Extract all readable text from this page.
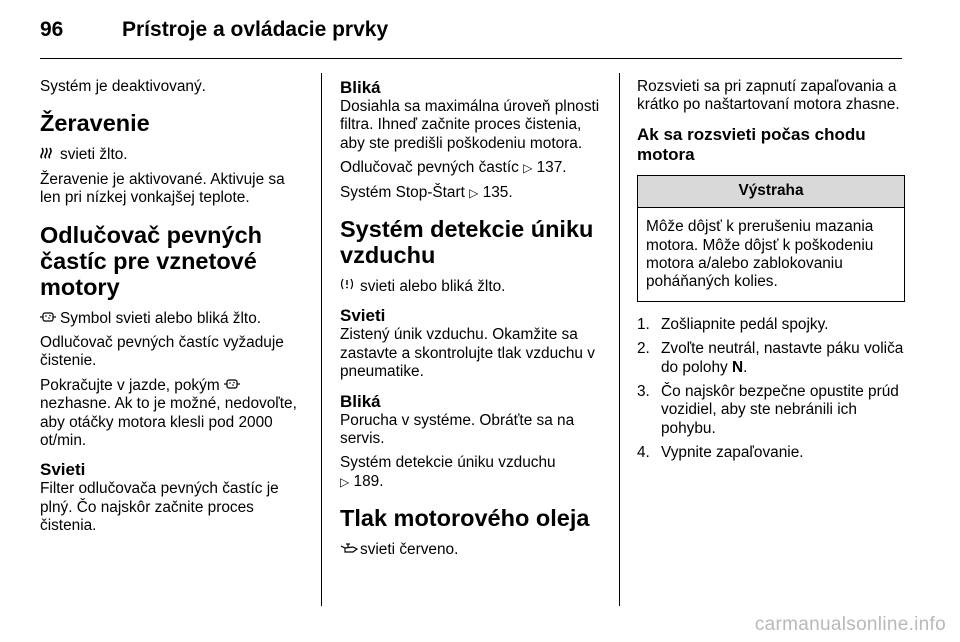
96	Prístroje a ovládacie prvky

Systém je deaktivovaný.

Žeravenie

svieti žlto.

Žeravenie je aktivované. Aktivuje sa len pri nízkej vonkajšej teplote.

Odlučovač pevných častíc pre vznetové motory

Symbol svieti alebo bliká žlto.

Odlučovač pevných častíc vyžaduje čistenie.

Pokračujte v jazde, pokým  nezhasne. Ak to je možné, nedovoľte, aby otáčky motora klesli pod 2000 ot/min.

Svieti

Filter odlučovača pevných častíc je plný. Čo najskôr začnite proces čistenia.

Bliká

Dosiahla sa maximálna úroveň plnosti filtra. Ihneď začnite proces čistenia, aby ste predišli poškodeniu motora.

Odlučovač pevných častíc ▷ 137.

Systém Stop-Štart ▷ 135.

Systém detekcie úniku vzduchu

svieti alebo bliká žlto.

Svieti

Zistený únik vzduchu. Okamžite sa zastavte a skontrolujte tlak vzduchu v pneumatike.

Bliká

Porucha v systéme. Obráťte sa na servis.

Systém detekcie úniku vzduchu
▷ 189.

Tlak motorového oleja

svieti červeno.

Rozsvieti sa pri zapnutí zapaľovania a krátko po naštartovaní motora zhasne.

Ak sa rozsvieti počas chodu motora
Výstraha
Môže dôjsť k prerušeniu mazania motora. Môže dôjsť k poškodeniu motora a/alebo zablokovaniu poháňaných kolies.
1. Zošliapnite pedál spojky.
2. Zvoľte neutrál, nastavte páku voliča do polohy N.
3. Čo najskôr bezpečne opustite prúd vozidiel, aby ste nebránili ich pohybu.
4. Vypnite zapaľovanie.
carmanualsonline.info
